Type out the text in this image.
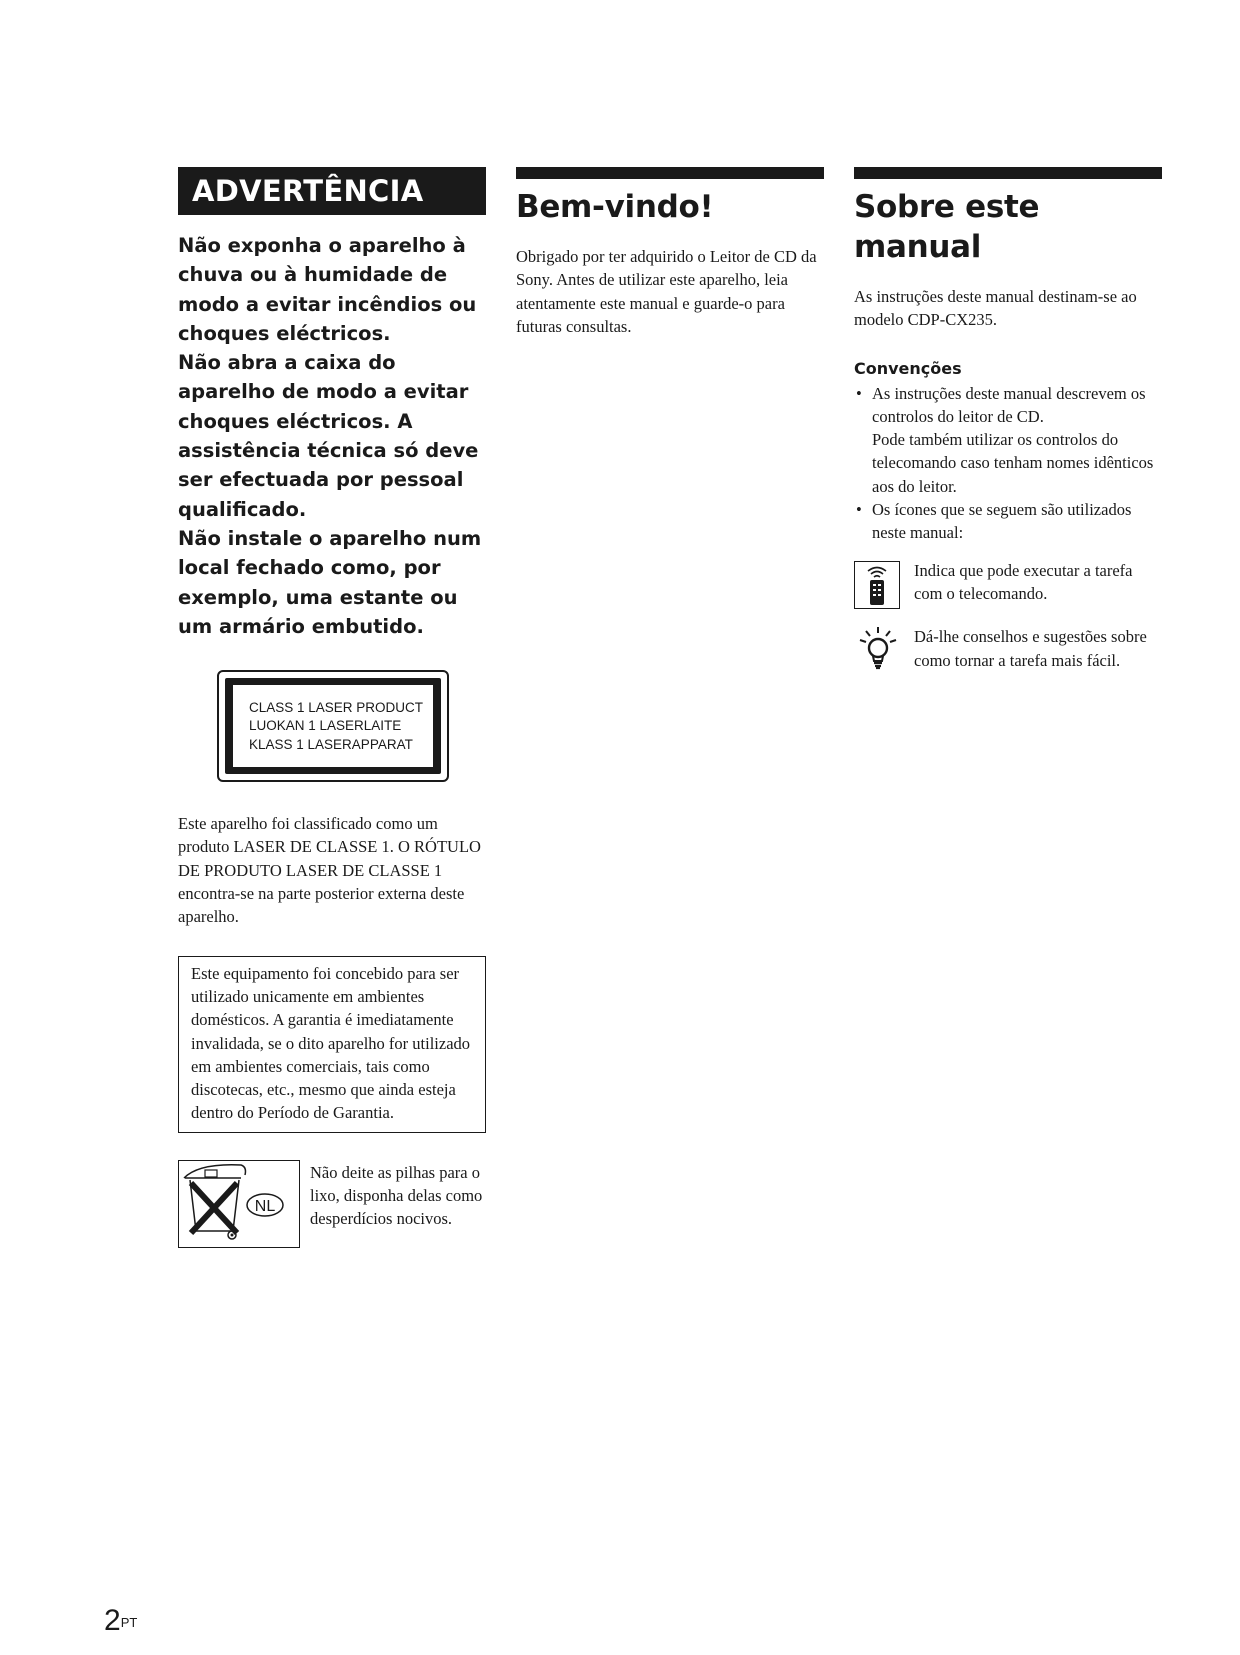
ADVERTÊNCIA

Não exponha o aparelho à chuva ou à humidade de modo a evitar incêndios ou choques eléctricos.

Não abra a caixa do aparelho de modo a evitar choques eléctricos. A assistência técnica só deve ser efectuada por pessoal qualificado.

Não instale o aparelho num local fechado como, por exemplo, uma estante ou um armário embutido.

CLASS 1 LASER PRODUCT
LUOKAN 1 LASERLAITE
KLASS 1 LASERAPPARAT

Este aparelho foi classificado como um produto LASER DE CLASSE 1. O RÓTULO DE PRODUTO LASER DE CLASSE 1 encontra-se na parte posterior externa deste aparelho.

Este equipamento foi concebido para ser utilizado unicamente em ambientes domésticos. A garantia é imediatamente invalidada, se o dito aparelho for utilizado em ambientes comerciais, tais como discotecas, etc., mesmo que ainda esteja dentro do Período de Garantia.
NL
Não deite as pilhas para o lixo, disponha delas como desperdícios nocivos.
Bem-vindo!

Obrigado por ter adquirido o Leitor de CD da Sony. Antes de utilizar este aparelho, leia atentamente este manual e guarde-o para futuras consultas.

Sobre este manual

As instruções deste manual destinam-se ao modelo CDP-CX235.

Convenções
• As instruções deste manual descrevem os controlos do leitor de CD.
Pode também utilizar os controlos do telecomando caso tenham nomes idênticos aos do leitor.
• Os ícones que se seguem são utilizados neste manual:
Indica que pode executar a tarefa com o telecomando.
Dá-lhe conselhos e sugestões sobre como tornar a tarefa mais fácil.
$2^{PT}$
